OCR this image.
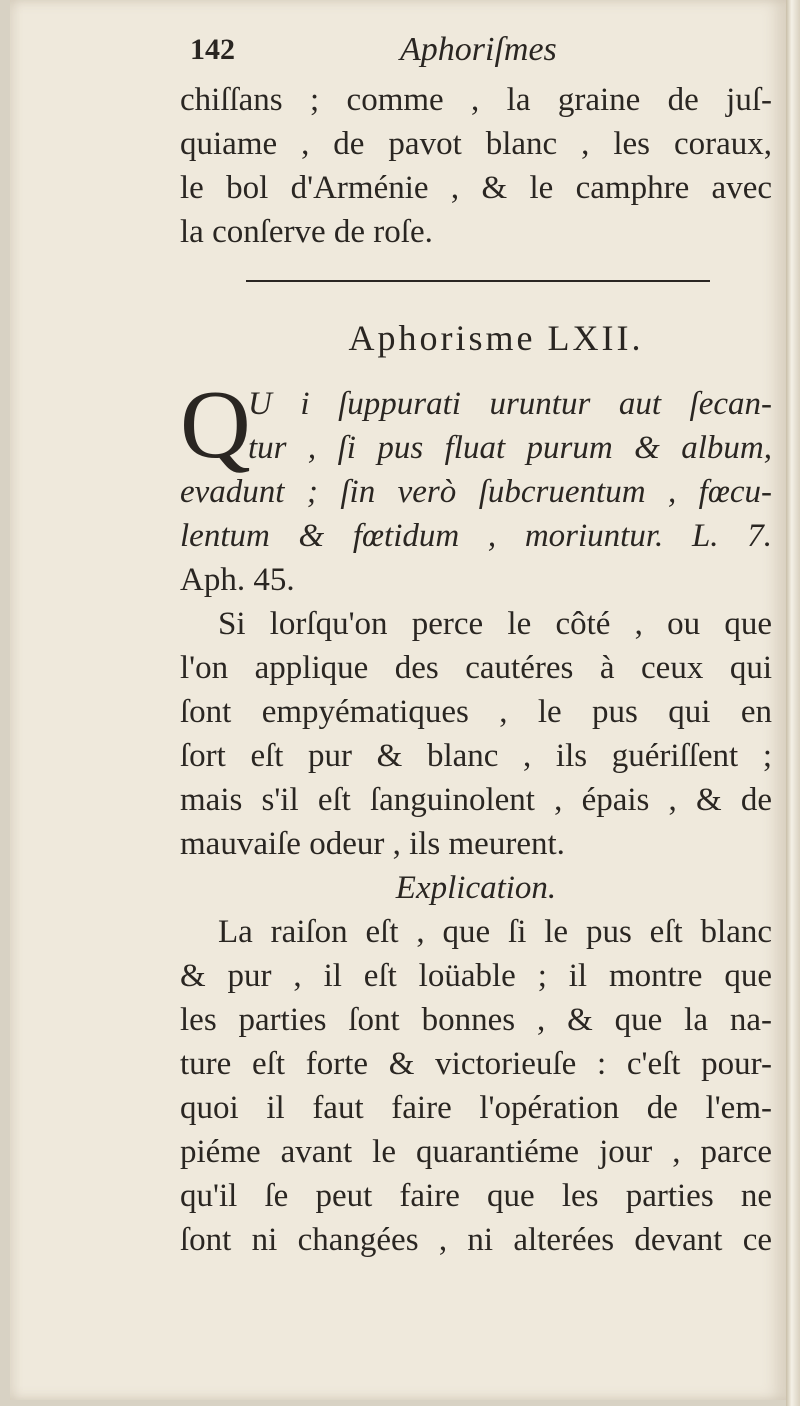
142	Aphoriſmes
chiſſans ; comme , la graine de juſ-
quiame , de pavot blanc , les coraux,
le bol d'Arménie , & le camphre avec
la conſerve de roſe.
Aphorisme LXII.
Q
U i ſuppurati uruntur aut ſecan-
tur , ſi pus fluat purum & album,
evadunt ; ſin verò ſubcruentum , fœcu-
lentum & fœtidum , moriuntur. L. 7.
Aph. 45.
Si lorſqu'on perce le côté , ou que
l'on applique des cautéres à ceux qui
ſont empyématiques , le pus qui en
ſort eſt pur & blanc , ils guériſſent ;
mais s'il eſt ſanguinolent , épais , & de
mauvaiſe odeur , ils meurent.
Explication.
La raiſon eſt , que ſi le pus eſt blanc
& pur , il eſt loüable ; il montre que
les parties ſont bonnes , & que la na-
ture eſt forte & victorieuſe : c'eſt pour-
quoi il faut faire l'opération de l'em-
piéme avant le quarantiéme jour , parce
qu'il ſe peut faire que les parties ne
ſont ni changées , ni alterées devant ce
